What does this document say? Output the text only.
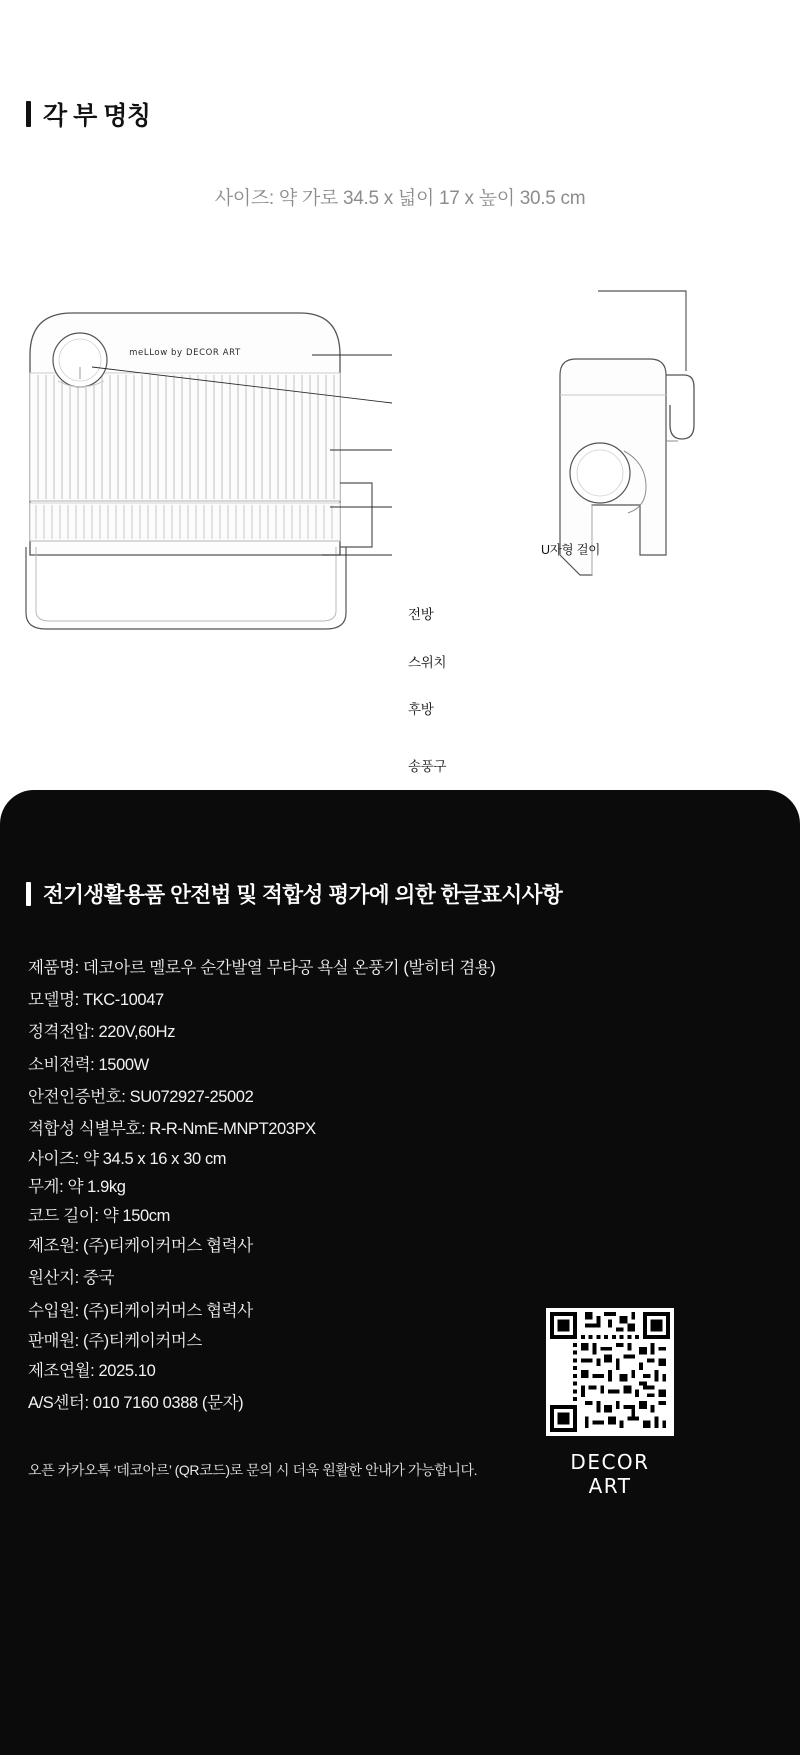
각 부 명칭
사이즈: 약 가로 34.5 x 넓이 17 x 높이 30.5 cm
meLLow by DECOR ART
전방
스위치
후방
송풍구
U자형 걸이
전기생활용품 안전법 및 적합성 평가에 의한 한글표시사항
제품명: 데코아르 멜로우 순간발열 무타공 욕실 온풍기 (발히터 겸용)
모델명: TKC-10047
정격전압: 220V,60Hz
소비전력: 1500W
안전인증번호: SU072927-25002
적합성 식별부호: R-R-NmE-MNPT203PX
사이즈: 약 34.5 x 16 x 30 cm
무게: 약 1.9kg
코드 길이: 약 150cm
제조원: (주)티케이커머스 협력사
원산지: 중국
수입원: (주)티케이커머스 협력사
판매원: (주)티케이커머스
제조연월: 2025.10
A/S센터: 010 7160 0388 (문자)
오픈 카카오톡 ‘데코아르’ (QR코드)로 문의 시 더욱 원활한 안내가 가능합니다.	DECOR ART
